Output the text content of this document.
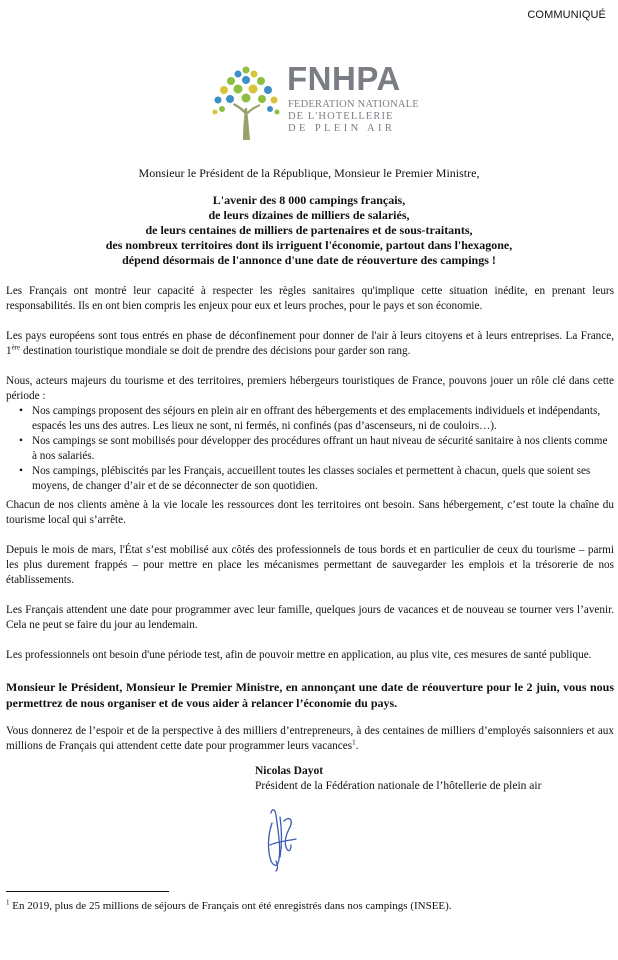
COMMUNIQUÉ
FNHPA
FEDERATION NATIONALE
DE L'HOTELLERIE
DE PLEIN AIR
Monsieur le Président de la République, Monsieur le Premier Ministre,
L'avenir des 8 000 campings français,
de leurs dizaines de milliers de salariés,
de leurs centaines de milliers de partenaires et de sous-traitants,
des nombreux territoires dont ils irriguent l'économie, partout dans l'hexagone,
dépend désormais de l'annonce d'une date de réouverture des campings !
Les Français ont montré leur capacité à respecter les règles sanitaires qu'implique cette situation inédite, en prenant leurs responsabilités. Ils en ont bien compris les enjeux pour eux et leurs proches, pour le pays et son économie.
Les pays européens sont tous entrés en phase de déconfinement pour donner de l'air à leurs citoyens et à leurs entreprises. La France, 1ère destination touristique mondiale se doit de prendre des décisions pour garder son rang.
Nous, acteurs majeurs du tourisme et des territoires, premiers hébergeurs touristiques de France, pouvons jouer un rôle clé dans cette période :
• Nos campings proposent des séjours en plein air en offrant des hébergements et des emplacements individuels et indépendants, espacés les uns des autres. Les lieux ne sont, ni fermés, ni confinés (pas d’ascenseurs, ni de couloirs…).
• Nos campings se sont mobilisés pour développer des procédures offrant un haut niveau de sécurité sanitaire à nos clients comme à nos salariés.
• Nos campings, plébiscités par les Français, accueillent toutes les classes sociales et permettent à chacun, quels que soient ses moyens, de changer d’air et de se déconnecter de son quotidien.
Chacun de nos clients amène à la vie locale les ressources dont les territoires ont besoin. Sans hébergement, c’est toute la chaîne du tourisme local qui s’arrête.
Depuis le mois de mars, l'État s’est mobilisé aux côtés des professionnels de tous bords et en particulier de ceux du tourisme – parmi les plus durement frappés – pour mettre en place les mécanismes permettant de sauvegarder les emplois et la trésorerie de nos établissements.
Les Français attendent une date pour programmer avec leur famille, quelques jours de vacances et de nouveau se tourner vers l’avenir. Cela ne peut se faire du jour au lendemain.
Les professionnels ont besoin d'une période test, afin de pouvoir mettre en application, au plus vite, ces mesures de santé publique.
Monsieur le Président, Monsieur le Premier Ministre, en annonçant une date de réouverture pour le 2 juin, vous nous permettrez de nous organiser et de vous aider à relancer l’économie du pays.
Vous donnerez de l’espoir et de la perspective à des milliers d’entrepreneurs, à des centaines de milliers d’employés saisonniers et aux millions de Français qui attendent cette date pour programmer leurs vacances$^1$.
Nicolas Dayot
Président de la Fédération nationale de l’hôtellerie de plein air
$^1$ En 2019, plus de 25 millions de séjours de Français ont été enregistrés dans nos campings (INSEE).
